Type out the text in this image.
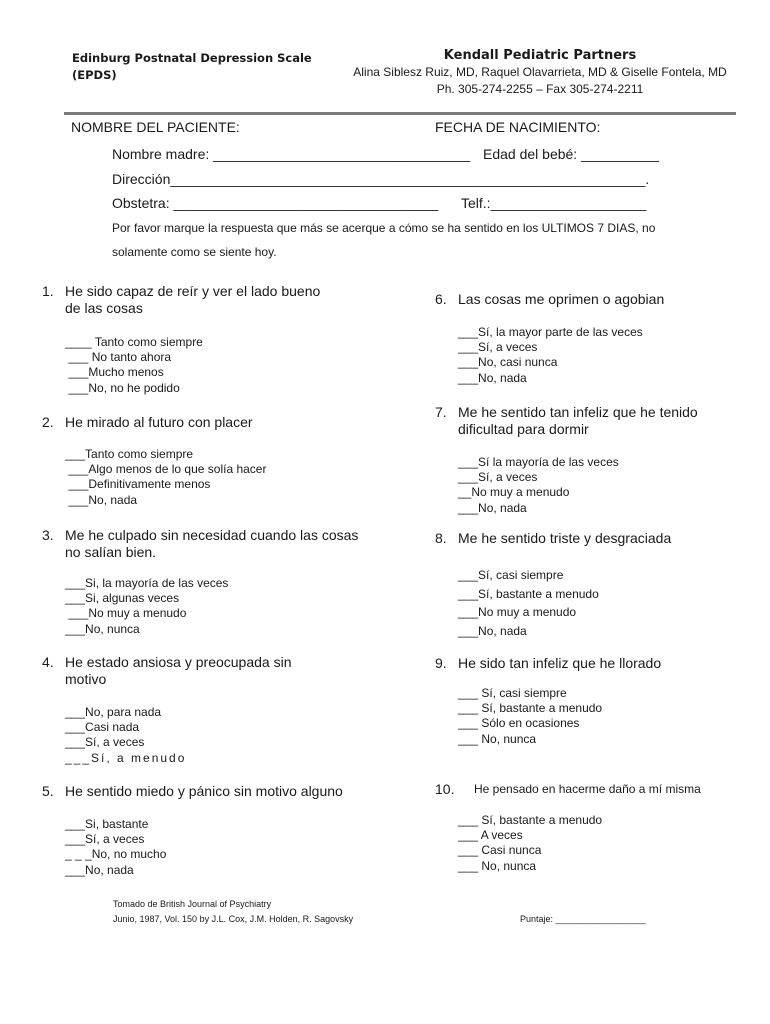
Edinburg Postnatal Depression Scale
(EPDS)
Kendall Pediatric Partners
Alina Siblesz Ruiz, MD, Raquel Olavarrieta, MD & Giselle Fontela, MD
Ph. 305-274-2255 – Fax 305-274-2211
NOMBRE DEL PACIENTE:	FECHA DE NACIMIENTO:
Nombre madre: _________________________________ Edad del bebé: __________
Dirección_____________________________________________________________.
Obstetra: __________________________________ Telf.:____________________
Por favor marque la respuesta que más se acerque a cómo se ha sentido en los ULTIMOS 7 DIAS, no
solamente como se siente hoy.
1. He sido capaz de reír y ver el lado bueno
de las cosas
____ Tanto como siempre
___ No tanto ahora
___Mucho menos
___No, no he podido
2. He mirado al futuro con placer
___Tanto como siempre
___Algo menos de lo que solía hacer
___Definitivamente menos
___No, nada
3. Me he culpado sin necesidad cuando las cosas
no salían bien.
___Si, la mayoría de las veces
___Si, algunas veces
___No muy a menudo
___No, nunca
4. He estado ansiosa y preocupada sin
motivo
___No, para nada
___Casi nada
___Sí, a veces
___Sí, a menudo
5. He sentido miedo y pánico sin motivo alguno
___Si, bastante
___Sí, a veces
_ _ _No, no mucho
___No, nada
6. Las cosas me oprimen o agobian
___Sí, la mayor parte de las veces
___Sí, a veces
___No, casi nunca
___No, nada
7. Me he sentido tan infeliz que he tenido
dificultad para dormir
___Sí la mayoría de las veces
___Sí, a veces
__No muy a menudo
___No, nada
8. Me he sentido triste y desgraciada
___Sí, casi siempre
___Sí, bastante a menudo
___No muy a menudo
___No, nada
9. He sido tan infeliz que he llorado
___ Sí, casi siempre
___ Sí, bastante a menudo
___ Sólo en ocasiones
___ No, nunca
10. He pensado en hacerme daño a mí misma
___ Sí, bastante a menudo
___ A veces
___ Casi nunca
___ No, nunca
Tomado de British Journal of Psychiatry
Junio, 1987, Vol. 150 by J.L. Cox, J.M. Holden, R. Sagovsky	Puntaje: __________________
